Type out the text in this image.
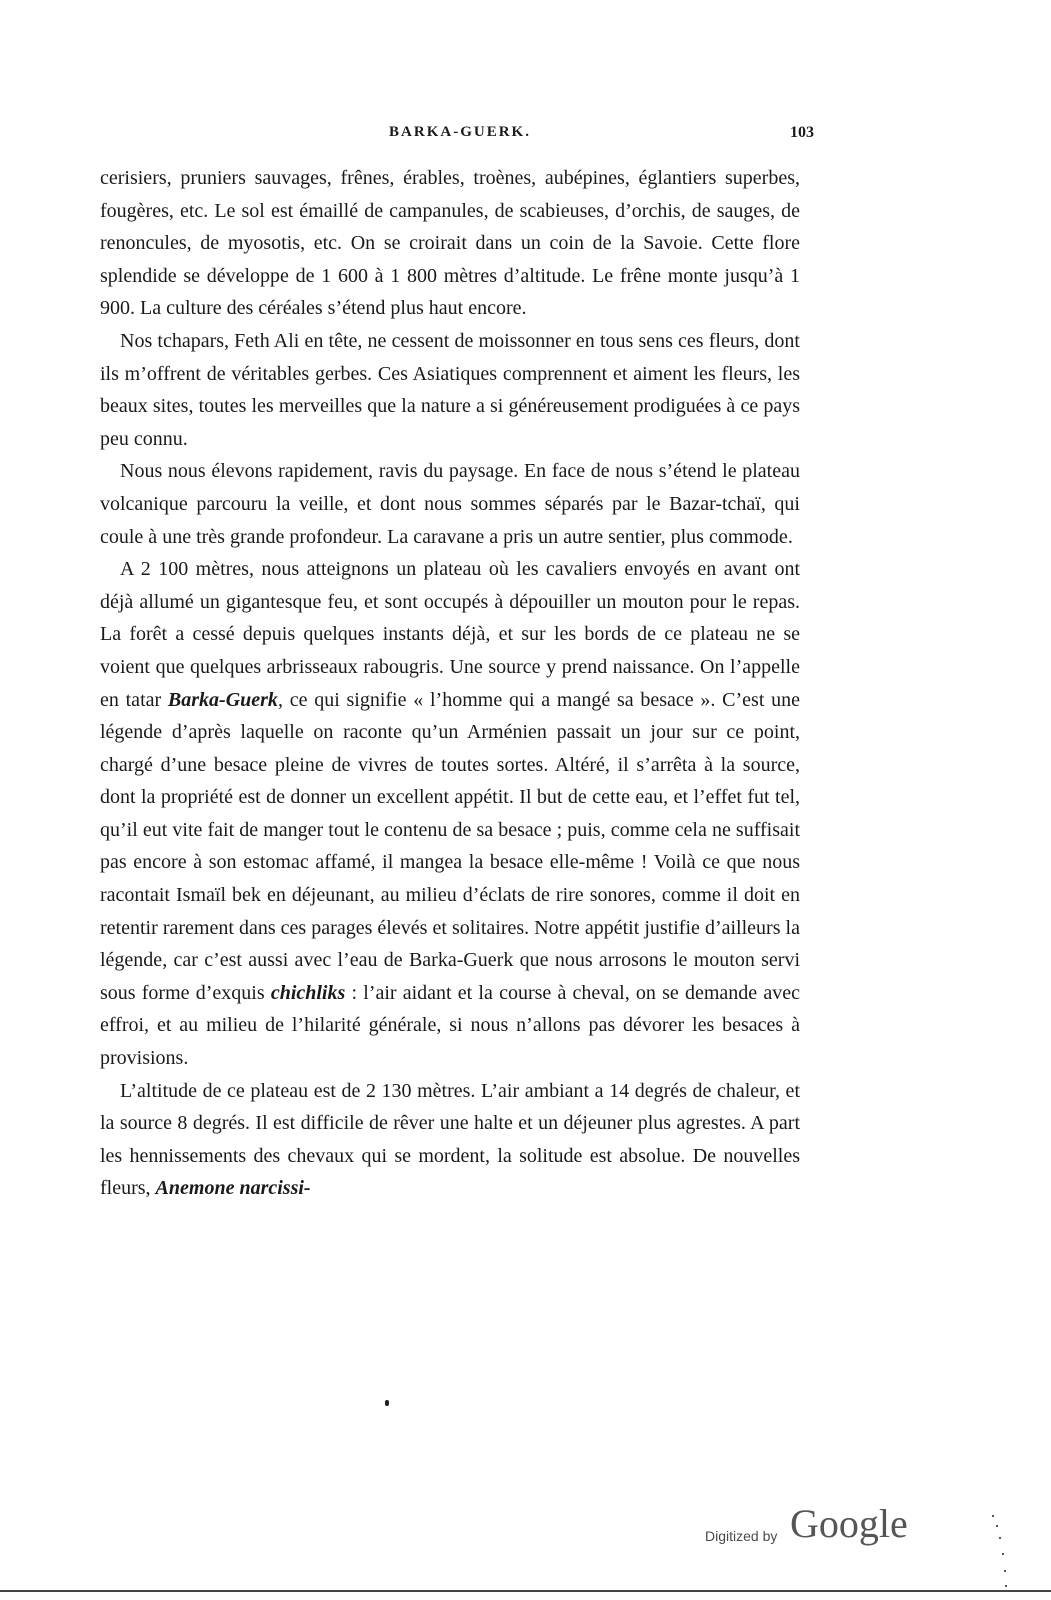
BARKA-GUERK.	103

cerisiers, pruniers sauvages, frênes, érables, troènes, aubépines, églantiers superbes, fougères, etc. Le sol est émaillé de campanules, de scabieuses, d’orchis, de sauges, de renoncules, de myosotis, etc. On se croirait dans un coin de la Savoie. Cette flore splendide se développe de 1 600 à 1 800 mètres d’altitude. Le frêne monte jusqu’à 1 900. La culture des céréales s’étend plus haut encore.

Nos tchapars, Feth Ali en tête, ne cessent de moissonner en tous sens ces fleurs, dont ils m’offrent de véritables gerbes. Ces Asiatiques comprennent et aiment les fleurs, les beaux sites, toutes les merveilles que la nature a si généreusement prodiguées à ce pays peu connu.

Nous nous élevons rapidement, ravis du paysage. En face de nous s’étend le plateau volcanique parcouru la veille, et dont nous sommes séparés par le Bazar-tchaï, qui coule à une très grande profondeur. La caravane a pris un autre sentier, plus commode.

A 2 100 mètres, nous atteignons un plateau où les cavaliers envoyés en avant ont déjà allumé un gigantesque feu, et sont occupés à dépouiller un mouton pour le repas. La forêt a cessé depuis quelques instants déjà, et sur les bords de ce plateau ne se voient que quelques arbrisseaux rabougris. Une source y prend naissance. On l’appelle en tatar Barka-Guerk, ce qui signifie « l’homme qui a mangé sa besace ». C’est une légende d’après laquelle on raconte qu’un Arménien passait un jour sur ce point, chargé d’une besace pleine de vivres de toutes sortes. Altéré, il s’arrêta à la source, dont la propriété est de donner un excellent appétit. Il but de cette eau, et l’effet fut tel, qu’il eut vite fait de manger tout le contenu de sa besace ; puis, comme cela ne suffisait pas encore à son estomac affamé, il mangea la besace elle-même ! Voilà ce que nous racontait Ismaïl bek en déjeunant, au milieu d’éclats de rire sonores, comme il doit en retentir rarement dans ces parages élevés et solitaires. Notre appétit justifie d’ailleurs la légende, car c’est aussi avec l’eau de Barka-Guerk que nous arrosons le mouton servi sous forme d’exquis chichliks : l’air aidant et la course à cheval, on se demande avec effroi, et au milieu de l’hilarité générale, si nous n’allons pas dévorer les besaces à provisions.

L’altitude de ce plateau est de 2 130 mètres. L’air ambiant a 14 degrés de chaleur, et la source 8 degrés. Il est difficile de rêver une halte et un déjeuner plus agrestes. A part les hennissements des chevaux qui se mordent, la solitude est absolue. De nouvelles fleurs, Anemone narcissi-

Digitized by Google
